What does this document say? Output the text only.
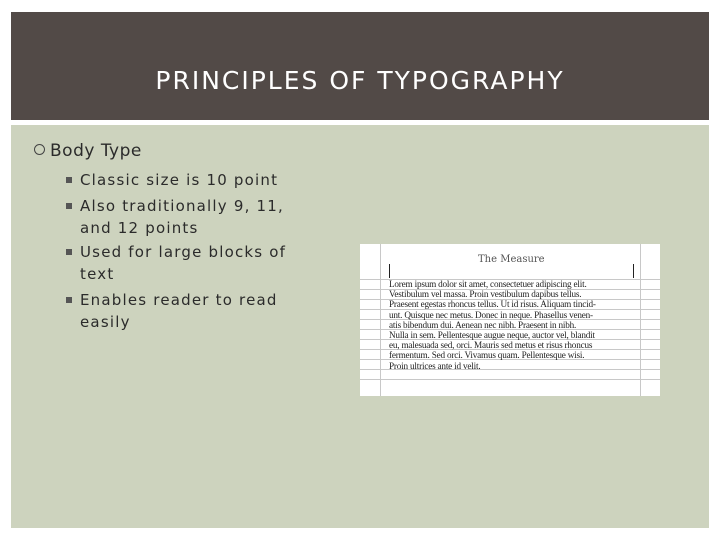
PRINCIPLES OF TYPOGRAPHY
Body Type
Classic size is 10 point
Also traditionally 9, 11,
and 12 points
Used for large blocks of
text
Enables reader to read
easily
The Measure
Lorem ipsum dolor sit amet, consectetuer adipiscing elit.
Vestibulum vel massa. Proin vestibulum dapibus tellus.
Praesent egestas rhoncus tellus. Ut id risus. Aliquam tincid-
unt. Quisque nec metus. Donec in neque. Phasellus venen-
atis bibendum dui. Aenean nec nibh. Praesent in nibh.
Nulla in sem. Pellentesque augue neque, auctor vel, blandit
eu, malesuada sed, orci. Mauris sed metus et risus rhoncus
fermentum. Sed orci. Vivamus quam. Pellentesque wisi.
Proin ultrices ante id velit.
